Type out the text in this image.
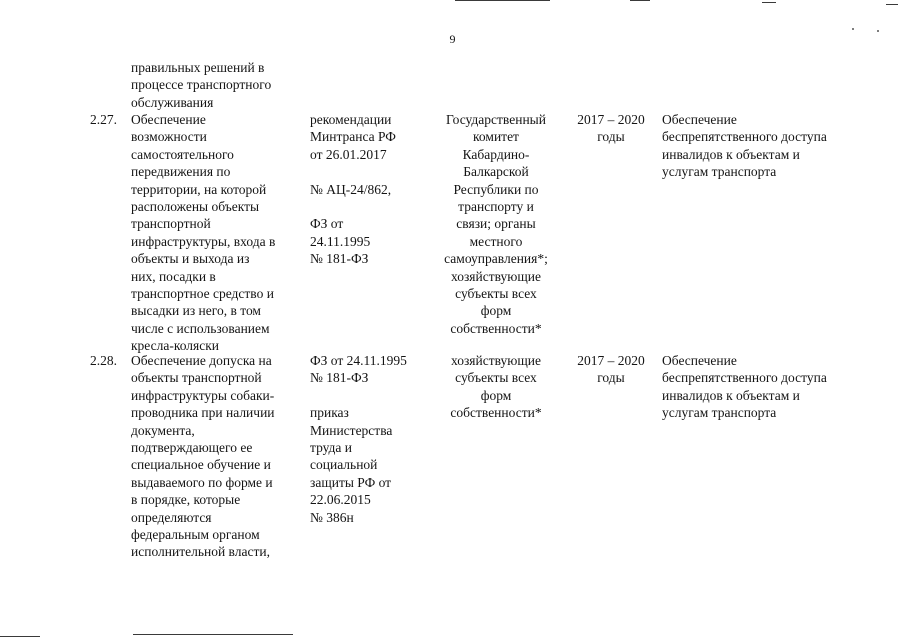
9
правильных решений в
процессе транспортного
обслуживания
2.27.	Обеспечение
возможности
самостоятельного
передвижения по
территории, на которой
расположены объекты
транспортной
инфраструктуры, входа в
объекты и выхода из
них, посадки в
транспортное средство и
высадки из него, в том
числе с использованием
кресла-коляски
рекомендации
Минтранса РФ
от 26.01.2017

№ АЦ-24/862,

ФЗ от
24.11.1995
№ 181-ФЗ
Государственный
комитет
Кабардино-
Балкарской
Республики по
транспорту и
связи; органы
местного
самоуправления*;
хозяйствующие
субъекты всех
форм
собственности*
2017 – 2020
годы
Обеспечение
беспрепятственного доступа
инвалидов к объектам и
услугам транспорта
2.28.	Обеспечение допуска на
объекты транспортной
инфраструктуры собаки-
проводника при наличии
документа,
подтверждающего ее
специальное обучение и
выдаваемого по форме и
в порядке, которые
определяются
федеральным органом
исполнительной власти,
ФЗ от 24.11.1995
№ 181-ФЗ

приказ
Министерства
труда и
социальной
защиты РФ от
22.06.2015
№ 386н
хозяйствующие
субъекты всех
форм
собственности*
2017 – 2020
годы
Обеспечение
беспрепятственного доступа
инвалидов к объектам и
услугам транспорта
